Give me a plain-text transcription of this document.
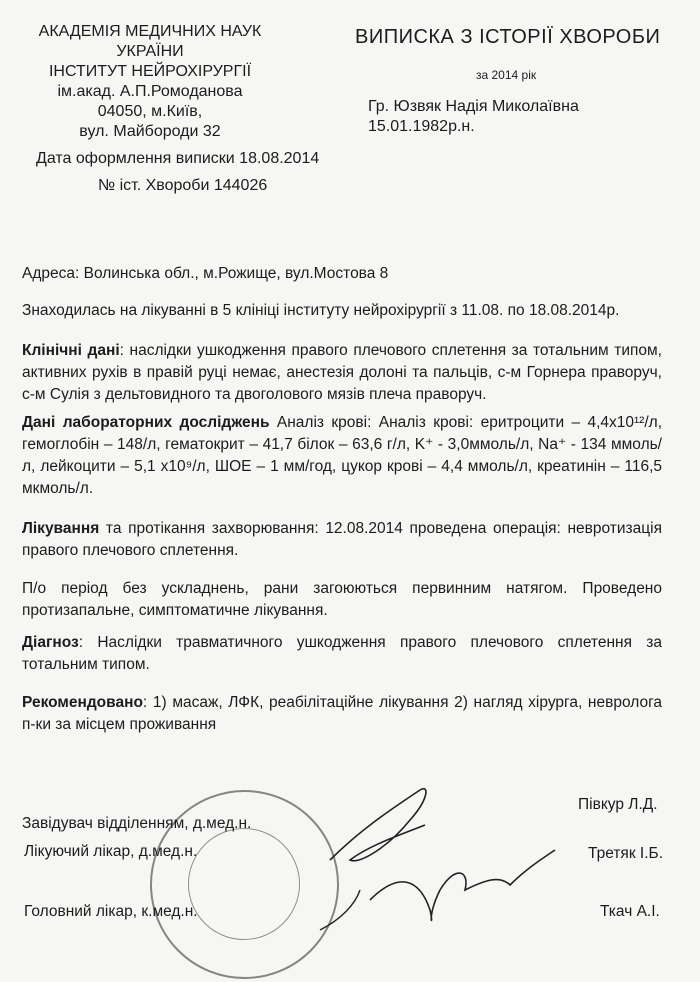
АКАДЕМІЯ МЕДИЧНИХ НАУК
УКРАЇНИ
ІНСТИТУТ НЕЙРОХІРУРГІЇ
ім.акад. А.П.Ромоданова
04050, м.Київ,
вул. Майбороди 32
Дата оформлення виписки 18.08.2014
№ іст. Хвороби 144026
ВИПИСКА З ІСТОРІЇ ХВОРОБИ
за 2014 рік
Гр. Юзвяк Надія Миколаївна
15.01.1982р.н.
Адреса: Волинська обл., м.Рожище, вул.Мостова 8
Знаходилась на лікуванні в 5 клініці інституту нейрохірургії з 11.08. по 18.08.2014р.
Клінічні дані: наслідки ушкодження правого плечового сплетення за тотальним типом, активних рухів в правій руці немає, анестезія долоні та пальців, с-м Горнера праворуч, с-м Сулія з дельтовидного та двоголового мязів плеча праворуч.
Дані лабораторних досліджень Аналіз крові: Аналіз крові: еритроцити – 4,4x10¹²/л, гемоглобін – 148/л, гематокрит – 41,7 білок – 63,6 г/л, K⁺ - 3,0ммоль/л, Na⁺ - 134 ммоль/л, лейкоцити – 5,1 x10⁹/л, ШОЕ – 1 мм/год, цукор крові – 4,4 ммоль/л, креатинін – 116,5 мкмоль/л.
Лікування та протікання захворювання: 12.08.2014 проведена операція: невротизація правого плечового сплетення.
П/о період без ускладнень, рани загоюються первинним натягом. Проведено протизапальне, симптоматичне лікування.
Діагноз: Наслідки травматичного ушкодження правого плечового сплетення за тотальним типом.
Рекомендовано: 1) масаж, ЛФК, реабілітаційне лікування 2) нагляд хірурга, невролога п-ки за місцем проживання
Завідувач відділенням, д.мед.н.
Півкур Л.Д.
Лікуючий лікар, д.мед.н.	Третяк І.Б.
Головний лікар, к.мед.н.	Ткач А.І.
